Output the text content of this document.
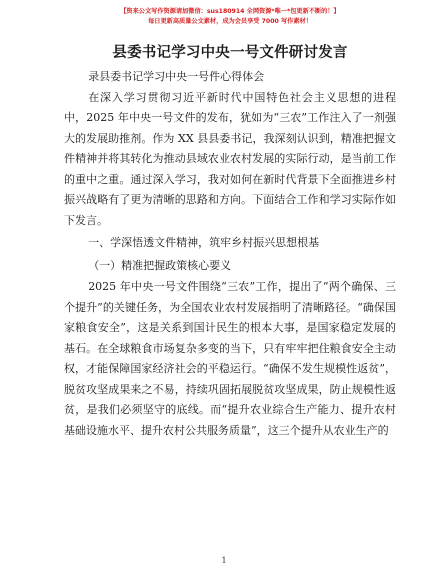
【资来公文写作资源请加微信：sus180914 全网资源*唯一*包更新不断的！】
每日更新高质量公文素材，成为会员享受 7000 写作素材！
县委书记学习中央一号文件研讨发言

录县委书记学习中央一号件心得体会

在深入学习贯彻习近平新时代中国特色社会主义思想的进程中，2025 年中央一号文件的发布，犹如为“三农”工作注入了一剂强大的发展助推剂。作为 XX 县县委书记，我深刻认识到，精准把握文件精神并将其转化为推动县域农业农村发展的实际行动，是当前工作的重中之重。通过深入学习，我对如何在新时代背景下全面推进乡村振兴战略有了更为清晰的思路和方向。下面结合工作和学习实际作如下发言。

一、学深悟透文件精神，筑牢乡村振兴思想根基
（一）精准把握政策核心要义

2025 年中央一号文件围绕“三农”工作，提出了“两个确保、三个提升”的关键任务，为全国农业农村发展指明了清晰路径。“确保国家粮食安全”，这是关系到国计民生的根本大事，是国家稳定发展的基石。在全球粮食市场复杂多变的当下，只有牢牢把住粮食安全主动权，才能保障国家经济社会的平稳运行。“确保不发生规模性返贫”，脱贫攻坚成果来之不易，持续巩固拓展脱贫攻坚成果，防止规模性返贫，是我们必须坚守的底线。而“提升农业综合生产能力、提升农村基础设施水平、提升农村公共服务质量”，这三个提升从农业生产的

1
